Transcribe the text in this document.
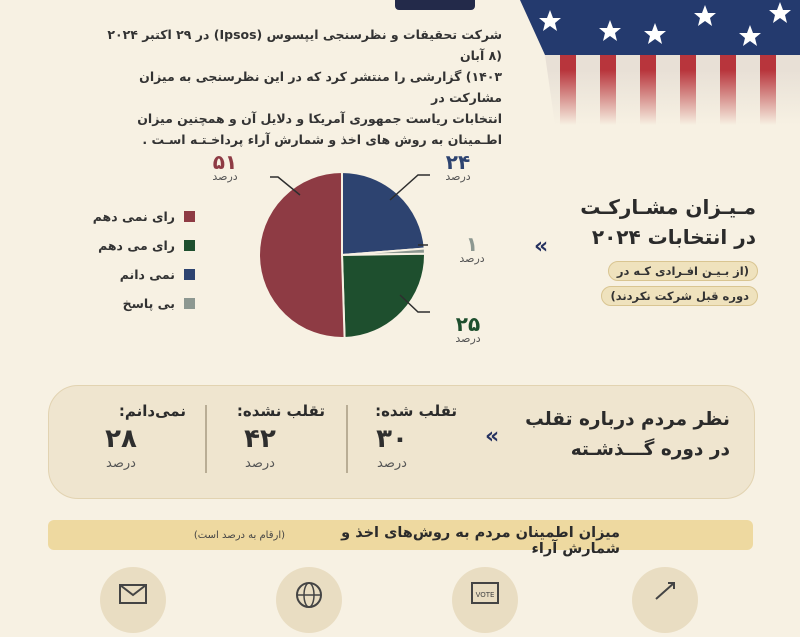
شرکت تحقیقات و نظرسنجی ایپسوس (Ipsos) در ۲۹ اکتبر ۲۰۲۴ (۸ آبان
۱۴۰۳) گزارشی را منتشر کرد که در این نظرسنجی به میزان مشارکت در
انتخابات ریاست جمهوری آمریکا و دلایل آن و همچنین میزان
اطـمینان به روش های اخذ و شمارش آراء پرداخـتـه اسـت .
۵۱
درصد
۲۴
درصد
۱
درصد
۲۵
درصد
رای نمی دهم
رای می دهم
نمی دانم
بی پاسخ
مـیـزان مشـارکـت
در انتخابات ۲۰۲۴
(از بـیـن افـرادی کـه در
دوره قبل شرکت نکردند)
«
نظر مردم درباره تقلب
در دوره گـــذشـته
«
تقلب شده:
۳۰
درصد
تقلب نشده:
۴۲
درصد
نمی‌دانم:
۲۸
درصد
میزان اطمینان مردم به روش‌های اخذ و شمارش آراء
(ارقام به درصد است)
VOTE
